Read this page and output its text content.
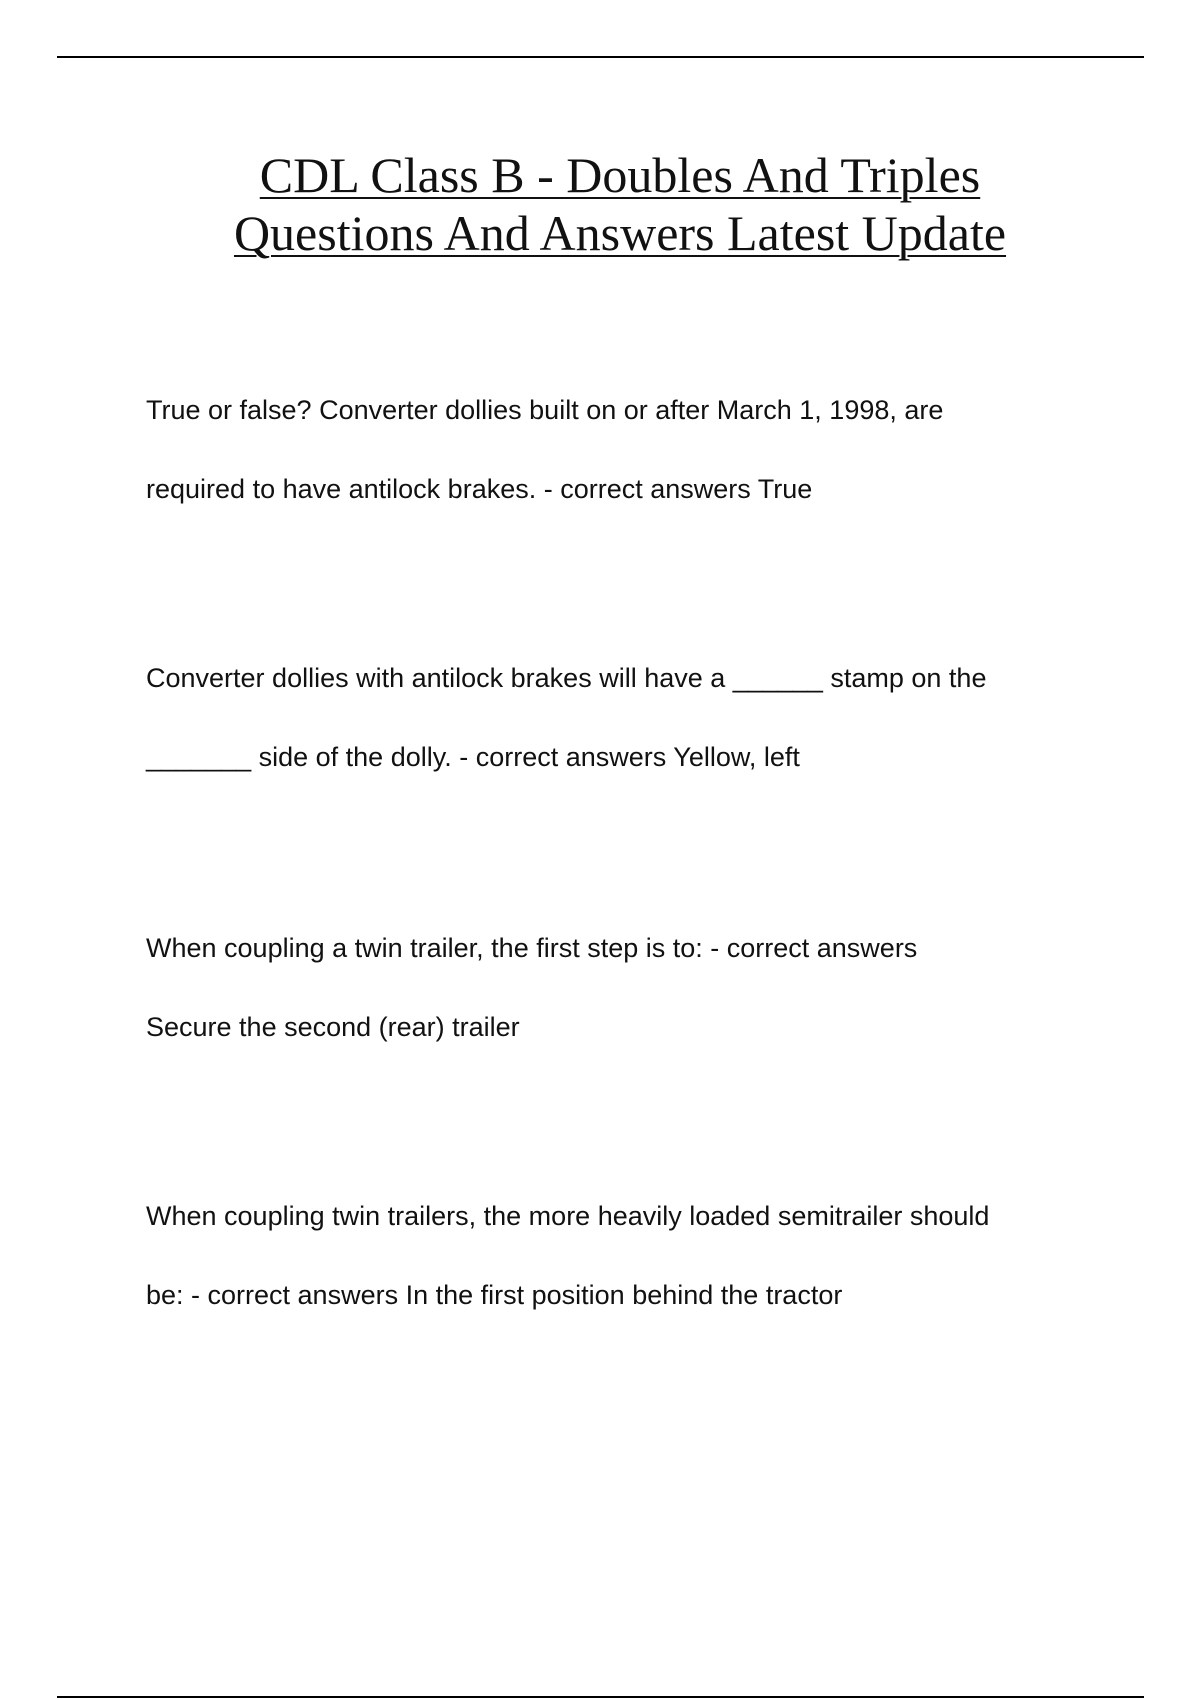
CDL Class B - Doubles And Triples
Questions And Answers Latest Update
True or false? Converter dollies built on or after March 1, 1998, are
required to have antilock brakes. - correct answers True
Converter dollies with antilock brakes will have a ______ stamp on the
_______ side of the dolly. - correct answers Yellow, left
When coupling a twin trailer, the first step is to: - correct answers
Secure the second (rear) trailer
When coupling twin trailers, the more heavily loaded semitrailer should
be: - correct answers In the first position behind the tractor
